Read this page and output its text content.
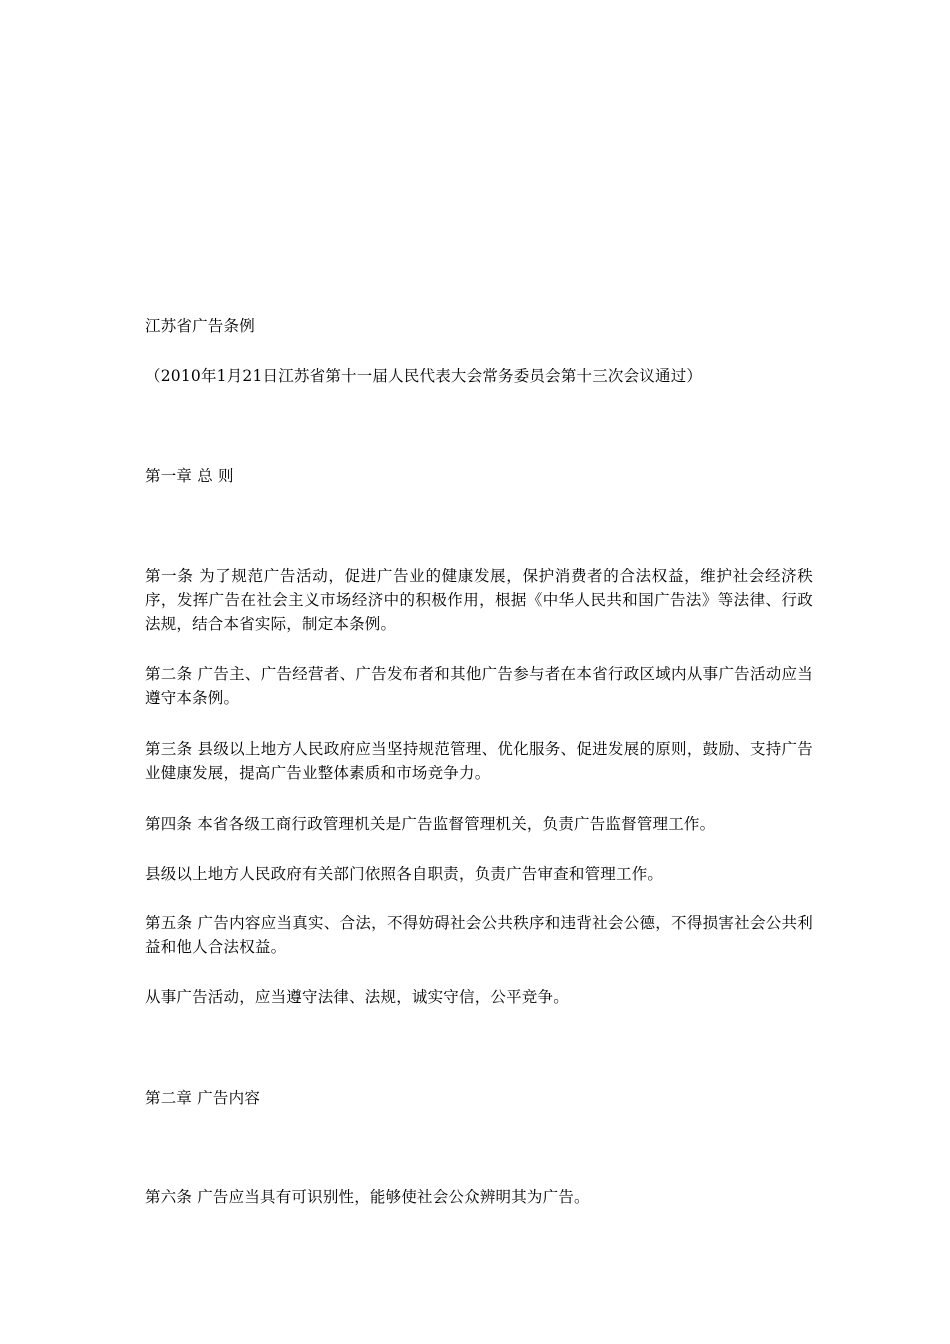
江苏省广告条例

（2010年1月21日江苏省第十一届人民代表大会常务委员会第十三次会议通过）

第一章 总 则

第一条 为了规范广告活动，促进广告业的健康发展，保护消费者的合法权益，维护社会经济秩序，发挥广告在社会主义市场经济中的积极作用，根据《中华人民共和国广告法》等法律、行政法规，结合本省实际，制定本条例。

第二条 广告主、广告经营者、广告发布者和其他广告参与者在本省行政区域内从事广告活动应当遵守本条例。

第三条 县级以上地方人民政府应当坚持规范管理、优化服务、促进发展的原则，鼓励、支持广告业健康发展，提高广告业整体素质和市场竞争力。

第四条 本省各级工商行政管理机关是广告监督管理机关，负责广告监督管理工作。

县级以上地方人民政府有关部门依照各自职责，负责广告审查和管理工作。

第五条 广告内容应当真实、合法，不得妨碍社会公共秩序和违背社会公德，不得损害社会公共利益和他人合法权益。

从事广告活动，应当遵守法律、法规，诚实守信，公平竞争。

第二章 广告内容

第六条 广告应当具有可识别性，能够使社会公众辨明其为广告。
